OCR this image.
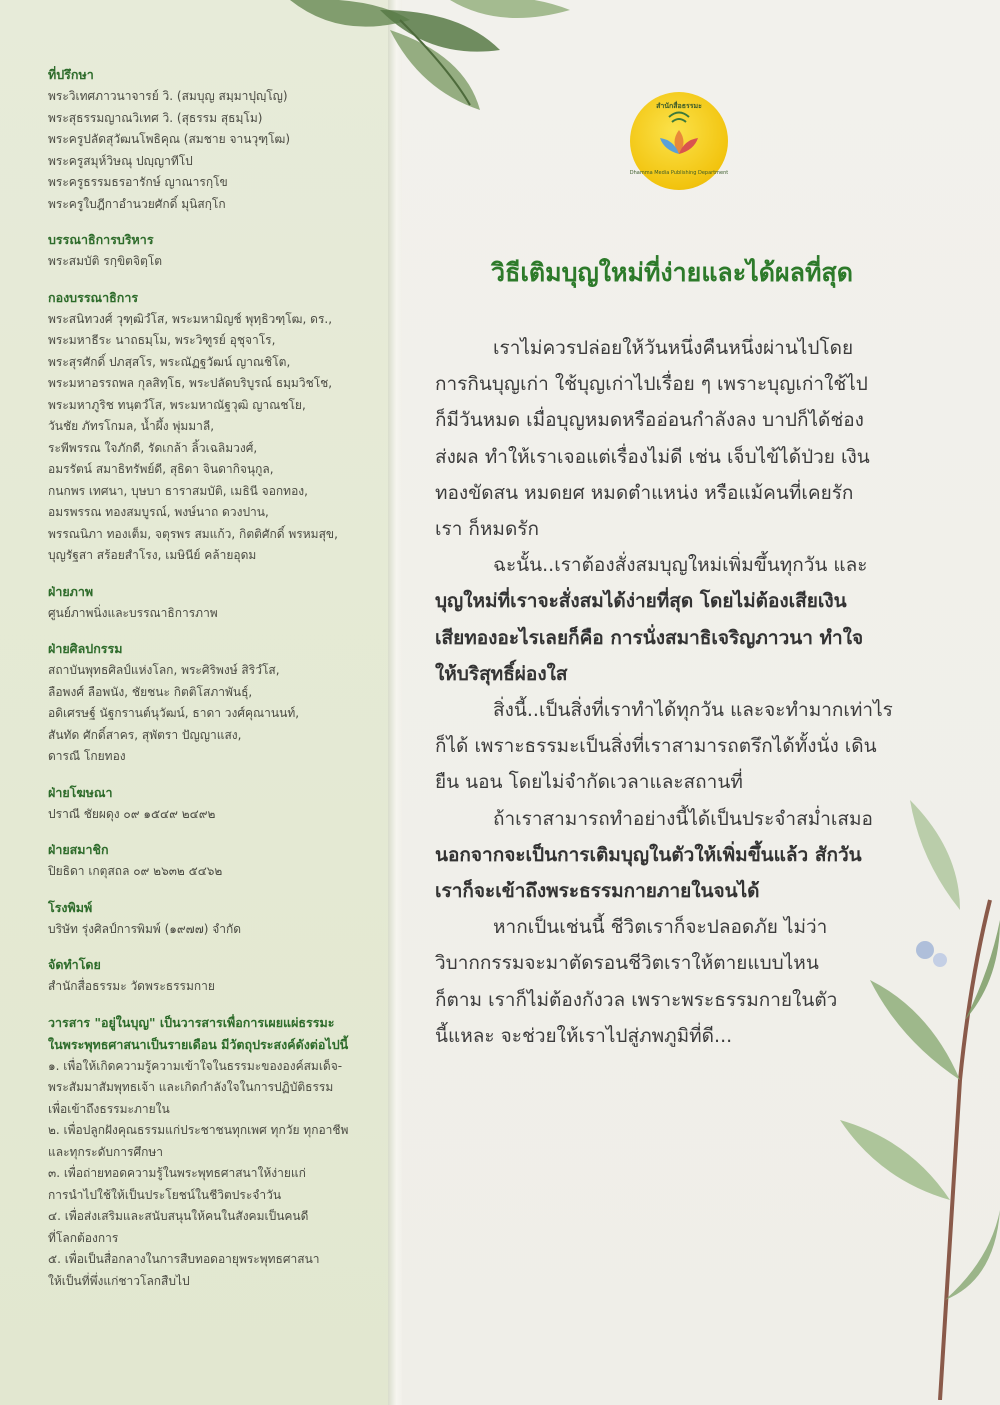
ที่ปรึกษา
พระวิเทศภาวนาจารย์ วิ. (สมบุญ สมฺมาปุญฺโญ)
พระสุธรรมญาณวิเทศ วิ. (สุธรรม สุธมฺโม)
พระครูปลัดสุวัฒนโพธิคุณ (สมชาย จานวุฑฺโฒ)
พระครูสมุห์วิษณุ ปญฺญาทีโป
พระครูธรรมธรอารักษ์ ญาณารกฺโข
พระครูใบฎีกาอำนวยศักดิ์ มุนิสกฺโก
บรรณาธิการบริหาร
พระสมบัติ รกฺขิตจิตฺโต
กองบรรณาธิการ
พระสนิทวงศ์ วุฑฺฒิวํโส, พระมหามิญช์ พุทฺธิวฑฺโฒ, ดร.,
พระมหาธีระ นาถธมฺโม, พระวิฑูรย์ อุชุจาโร,
พระสุรศักดิ์ ปภสฺสโร, พระณัฏฐวัฒน์ ญาณชิโต,
พระมหาอรรถพล กุลสิทฺโธ, พระปลัดบริบูรณ์ ธมฺมวิชโช,
พระมหาภูริช ทนฺตวํโส, พระมหาณัฐวุฒิ ญาณชโย,
วันชัย ภัทรโกมล, น้ำผึ้ง พุ่มมาลี,
ระพีพรรณ ใจภักดี, รัดเกล้า ลิ้วเฉลิมวงศ์,
อมรรัตน์ สมาธิทรัพย์ดี, สุธิดา จินดากิจนุกูล,
กนกพร เทศนา, บุษบา ธาราสมบัติ, เมธินี จอกทอง,
อมรพรรณ ทองสมบูรณ์, พงษ์นาถ ดวงปาน,
พรรณนิภา ทองเต็ม, จตุรพร สมแก้ว, กิตติศักดิ์ พรหมสุข,
บุญรัฐสา สร้อยสำโรง, เมษินีย์ คล้ายอุดม
ฝ่ายภาพ
ศูนย์ภาพนิ่งและบรรณาธิการภาพ
ฝ่ายศิลปกรรม
สถาบันพุทธศิลป์แห่งโลก, พระศิริพงษ์ สิริวํโส,
ลือพงศ์ ลือพนัง, ชัยชนะ กิตติโสภาพันธุ์,
อดิเศรษฐ์ นัฐกรานต์นุวัฒน์, ธาดา วงศ์คุณานนท์,
สันทัด ศักดิ์สาคร, สุพัตรา ปัญญาแสง,
ดารณี โกยทอง
ฝ่ายโฆษณา
ปราณี ชัยผดุง ๐๙ ๑๕๔๙ ๒๔๙๒
ฝ่ายสมาชิก
ปิยธิดา เกตุสถล ๐๙ ๒๖๓๒ ๕๔๖๒
โรงพิมพ์
บริษัท รุ่งศิลป์การพิมพ์ (๑๙๗๗) จำกัด
จัดทำโดย
สำนักสื่อธรรมะ วัดพระธรรมกาย
วารสาร "อยู่ในบุญ" เป็นวารสารเพื่อการเผยแผ่ธรรมะ
ในพระพุทธศาสนาเป็นรายเดือน มีวัตถุประสงค์ดังต่อไปนี้
๑. เพื่อให้เกิดความรู้ความเข้าใจในธรรมะขององค์สมเด็จ-
พระสัมมาสัมพุทธเจ้า และเกิดกำลังใจในการปฏิบัติธรรม
เพื่อเข้าถึงธรรมะภายใน
๒. เพื่อปลูกฝังคุณธรรมแก่ประชาชนทุกเพศ ทุกวัย ทุกอาชีพ
และทุกระดับการศึกษา
๓. เพื่อถ่ายทอดความรู้ในพระพุทธศาสนาให้ง่ายแก่
การนำไปใช้ให้เป็นประโยชน์ในชีวิตประจำวัน
๔. เพื่อส่งเสริมและสนับสนุนให้คนในสังคมเป็นคนดี
ที่โลกต้องการ
๕. เพื่อเป็นสื่อกลางในการสืบทอดอายุพระพุทธศาสนา
ให้เป็นที่พึ่งแก่ชาวโลกสืบไป
สำนักสื่อธรรมะ
Dhamma Media Publishing Department
วิธีเติมบุญใหม่ที่ง่ายและได้ผลที่สุด

เราไม่ควรปล่อยให้วันหนึ่งคืนหนึ่งผ่านไปโดย
การกินบุญเก่า ใช้บุญเก่าไปเรื่อย ๆ เพราะบุญเก่าใช้ไป
ก็มีวันหมด เมื่อบุญหมดหรืออ่อนกำลังลง บาปก็ได้ช่อง
ส่งผล ทำให้เราเจอแต่เรื่องไม่ดี เช่น เจ็บไข้ได้ป่วย เงิน
ทองขัดสน หมดยศ หมดตำแหน่ง หรือแม้คนที่เคยรัก
เรา ก็หมดรัก

ฉะนั้น..เราต้องสั่งสมบุญใหม่เพิ่มขึ้นทุกวัน และ
บุญใหม่ที่เราจะสั่งสมได้ง่ายที่สุด โดยไม่ต้องเสียเงิน
เสียทองอะไรเลยก็คือ การนั่งสมาธิเจริญภาวนา ทำใจ
ให้บริสุทธิ์ผ่องใส

สิ่งนี้..เป็นสิ่งที่เราทำได้ทุกวัน และจะทำมากเท่าไร
ก็ได้ เพราะธรรมะเป็นสิ่งที่เราสามารถตรึกได้ทั้งนั่ง เดิน
ยืน นอน โดยไม่จำกัดเวลาและสถานที่

ถ้าเราสามารถทำอย่างนี้ได้เป็นประจำสม่ำเสมอ
นอกจากจะเป็นการเติมบุญในตัวให้เพิ่มขึ้นแล้ว สักวัน
เราก็จะเข้าถึงพระธรรมกายภายในจนได้

หากเป็นเช่นนี้ ชีวิตเราก็จะปลอดภัย ไม่ว่า
วิบากกรรมจะมาตัดรอนชีวิตเราให้ตายแบบไหน
ก็ตาม เราก็ไม่ต้องกังวล เพราะพระธรรมกายในตัว
นี้แหละ จะช่วยให้เราไปสู่ภพภูมิที่ดี...
